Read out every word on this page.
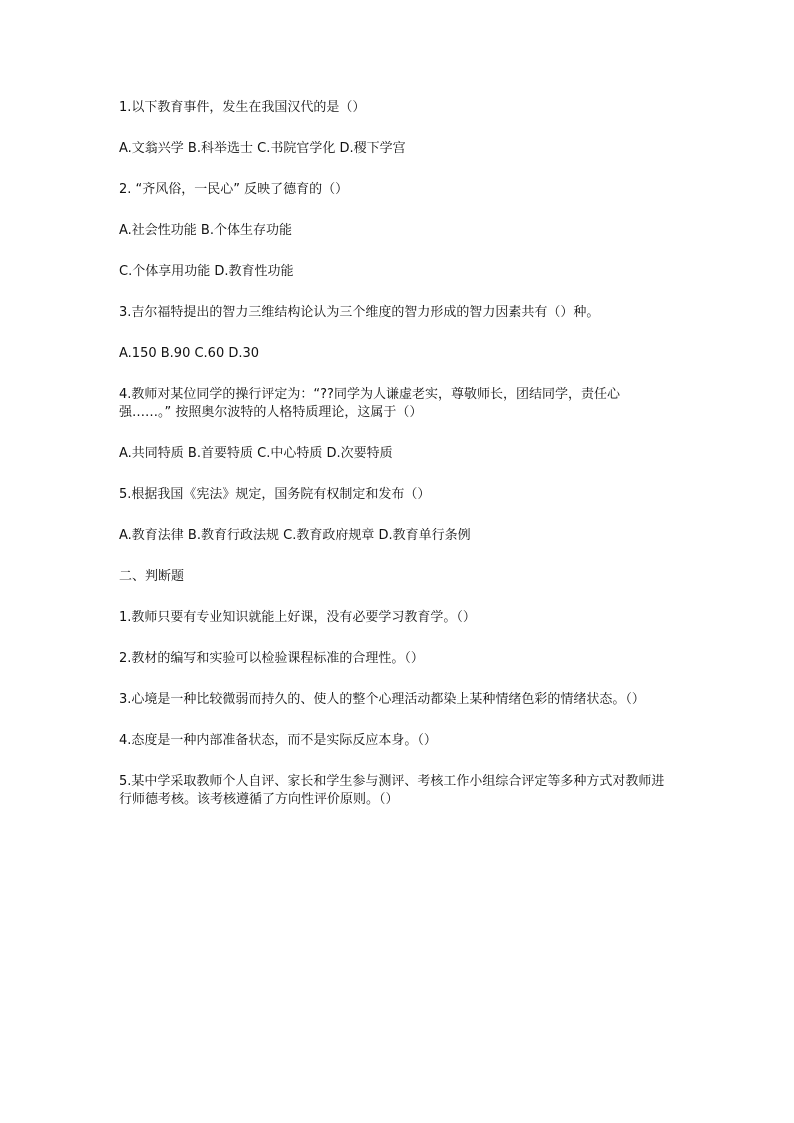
1.以下教育事件，发生在我国汉代的是（）

A.文翁兴学 B.科举选士 C.书院官学化 D.稷下学宫

2. “齐风俗，一民心” 反映了德育的（）

A.社会性功能 B.个体生存功能

C.个体享用功能 D.教育性功能

3.吉尔福特提出的智力三维结构论认为三个维度的智力形成的智力因素共有（）种。

A.150 B.90 C.60 D.30

4.教师对某位同学的操行评定为：“??同学为人谦虚老实，尊敬师长，团结同学，责任心强……。” 按照奥尔波特的人格特质理论，这属于（）

A.共同特质 B.首要特质 C.中心特质 D.次要特质

5.根据我国《宪法》规定，国务院有权制定和发布（）

A.教育法律 B.教育行政法规 C.教育政府规章 D.教育单行条例

二、判断题

1.教师只要有专业知识就能上好课，没有必要学习教育学。（）

2.教材的编写和实验可以检验课程标准的合理性。（）

3.心境是一种比较微弱而持久的、使人的整个心理活动都染上某种情绪色彩的情绪状态。（）

4.态度是一种内部准备状态，而不是实际反应本身。（）

5.某中学采取教师个人自评、家长和学生参与测评、考核工作小组综合评定等多种方式对教师进行师德考核。该考核遵循了方向性评价原则。（）
